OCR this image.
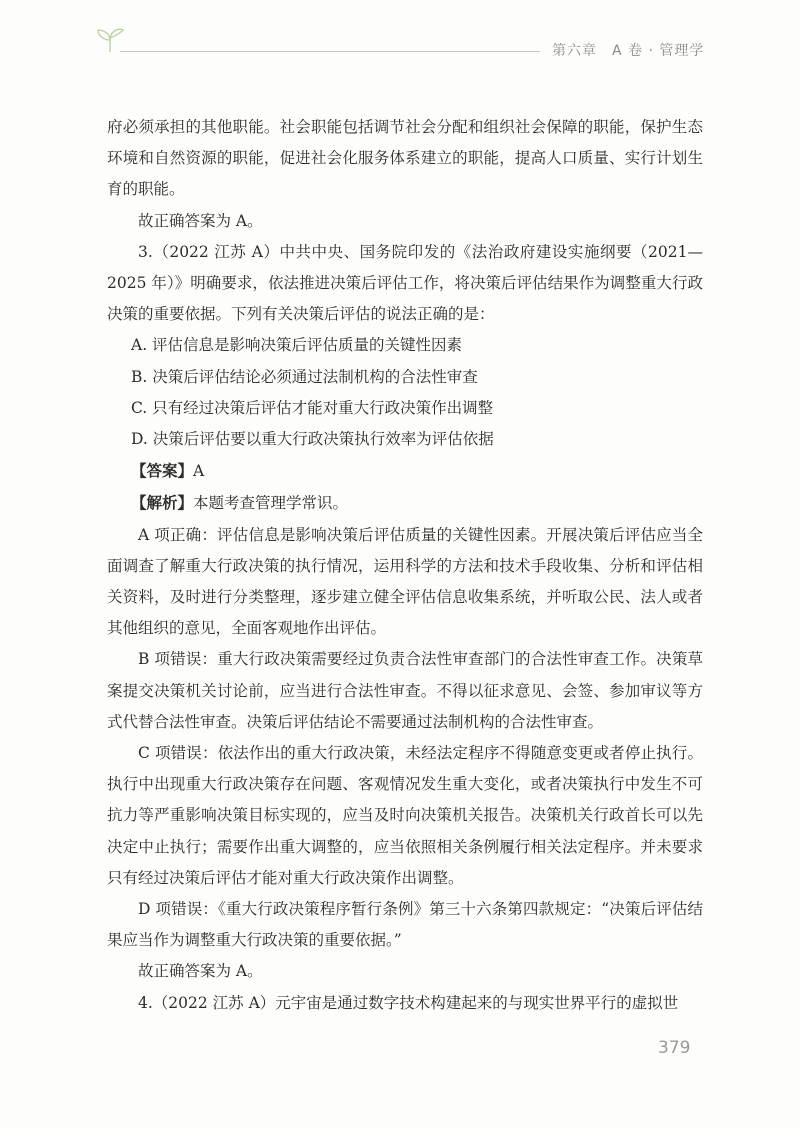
第六章　A 卷 · 管理学

府必须承担的其他职能。社会职能包括调节社会分配和组织社会保障的职能，保护生态环境和自然资源的职能，促进社会化服务体系建立的职能，提高人口质量、实行计划生育的职能。

故正确答案为 A。

3.（2022 江苏 A）中共中央、国务院印发的《法治政府建设实施纲要（2021—2025 年）》明确要求，依法推进决策后评估工作，将决策后评估结果作为调整重大行政决策的重要依据。下列有关决策后评估的说法正确的是：

A. 评估信息是影响决策后评估质量的关键性因素

B. 决策后评估结论必须通过法制机构的合法性审查

C. 只有经过决策后评估才能对重大行政决策作出调整

D. 决策后评估要以重大行政决策执行效率为评估依据

【答案】A

【解析】本题考查管理学常识。

A 项正确：评估信息是影响决策后评估质量的关键性因素。开展决策后评估应当全面调查了解重大行政决策的执行情况，运用科学的方法和技术手段收集、分析和评估相关资料，及时进行分类整理，逐步建立健全评估信息收集系统，并听取公民、法人或者其他组织的意见，全面客观地作出评估。

B 项错误：重大行政决策需要经过负责合法性审查部门的合法性审查工作。决策草案提交决策机关讨论前，应当进行合法性审查。不得以征求意见、会签、参加审议等方式代替合法性审查。决策后评估结论不需要通过法制机构的合法性审查。

C 项错误：依法作出的重大行政决策，未经法定程序不得随意变更或者停止执行。执行中出现重大行政决策存在问题、客观情况发生重大变化，或者决策执行中发生不可抗力等严重影响决策目标实现的，应当及时向决策机关报告。决策机关行政首长可以先决定中止执行；需要作出重大调整的，应当依照相关条例履行相关法定程序。并未要求只有经过决策后评估才能对重大行政决策作出调整。

D 项错误：《重大行政决策程序暂行条例》第三十六条第四款规定：“决策后评估结果应当作为调整重大行政决策的重要依据。”

故正确答案为 A。

4.（2022 江苏 A）元宇宙是通过数字技术构建起来的与现实世界平行的虚拟世

379
